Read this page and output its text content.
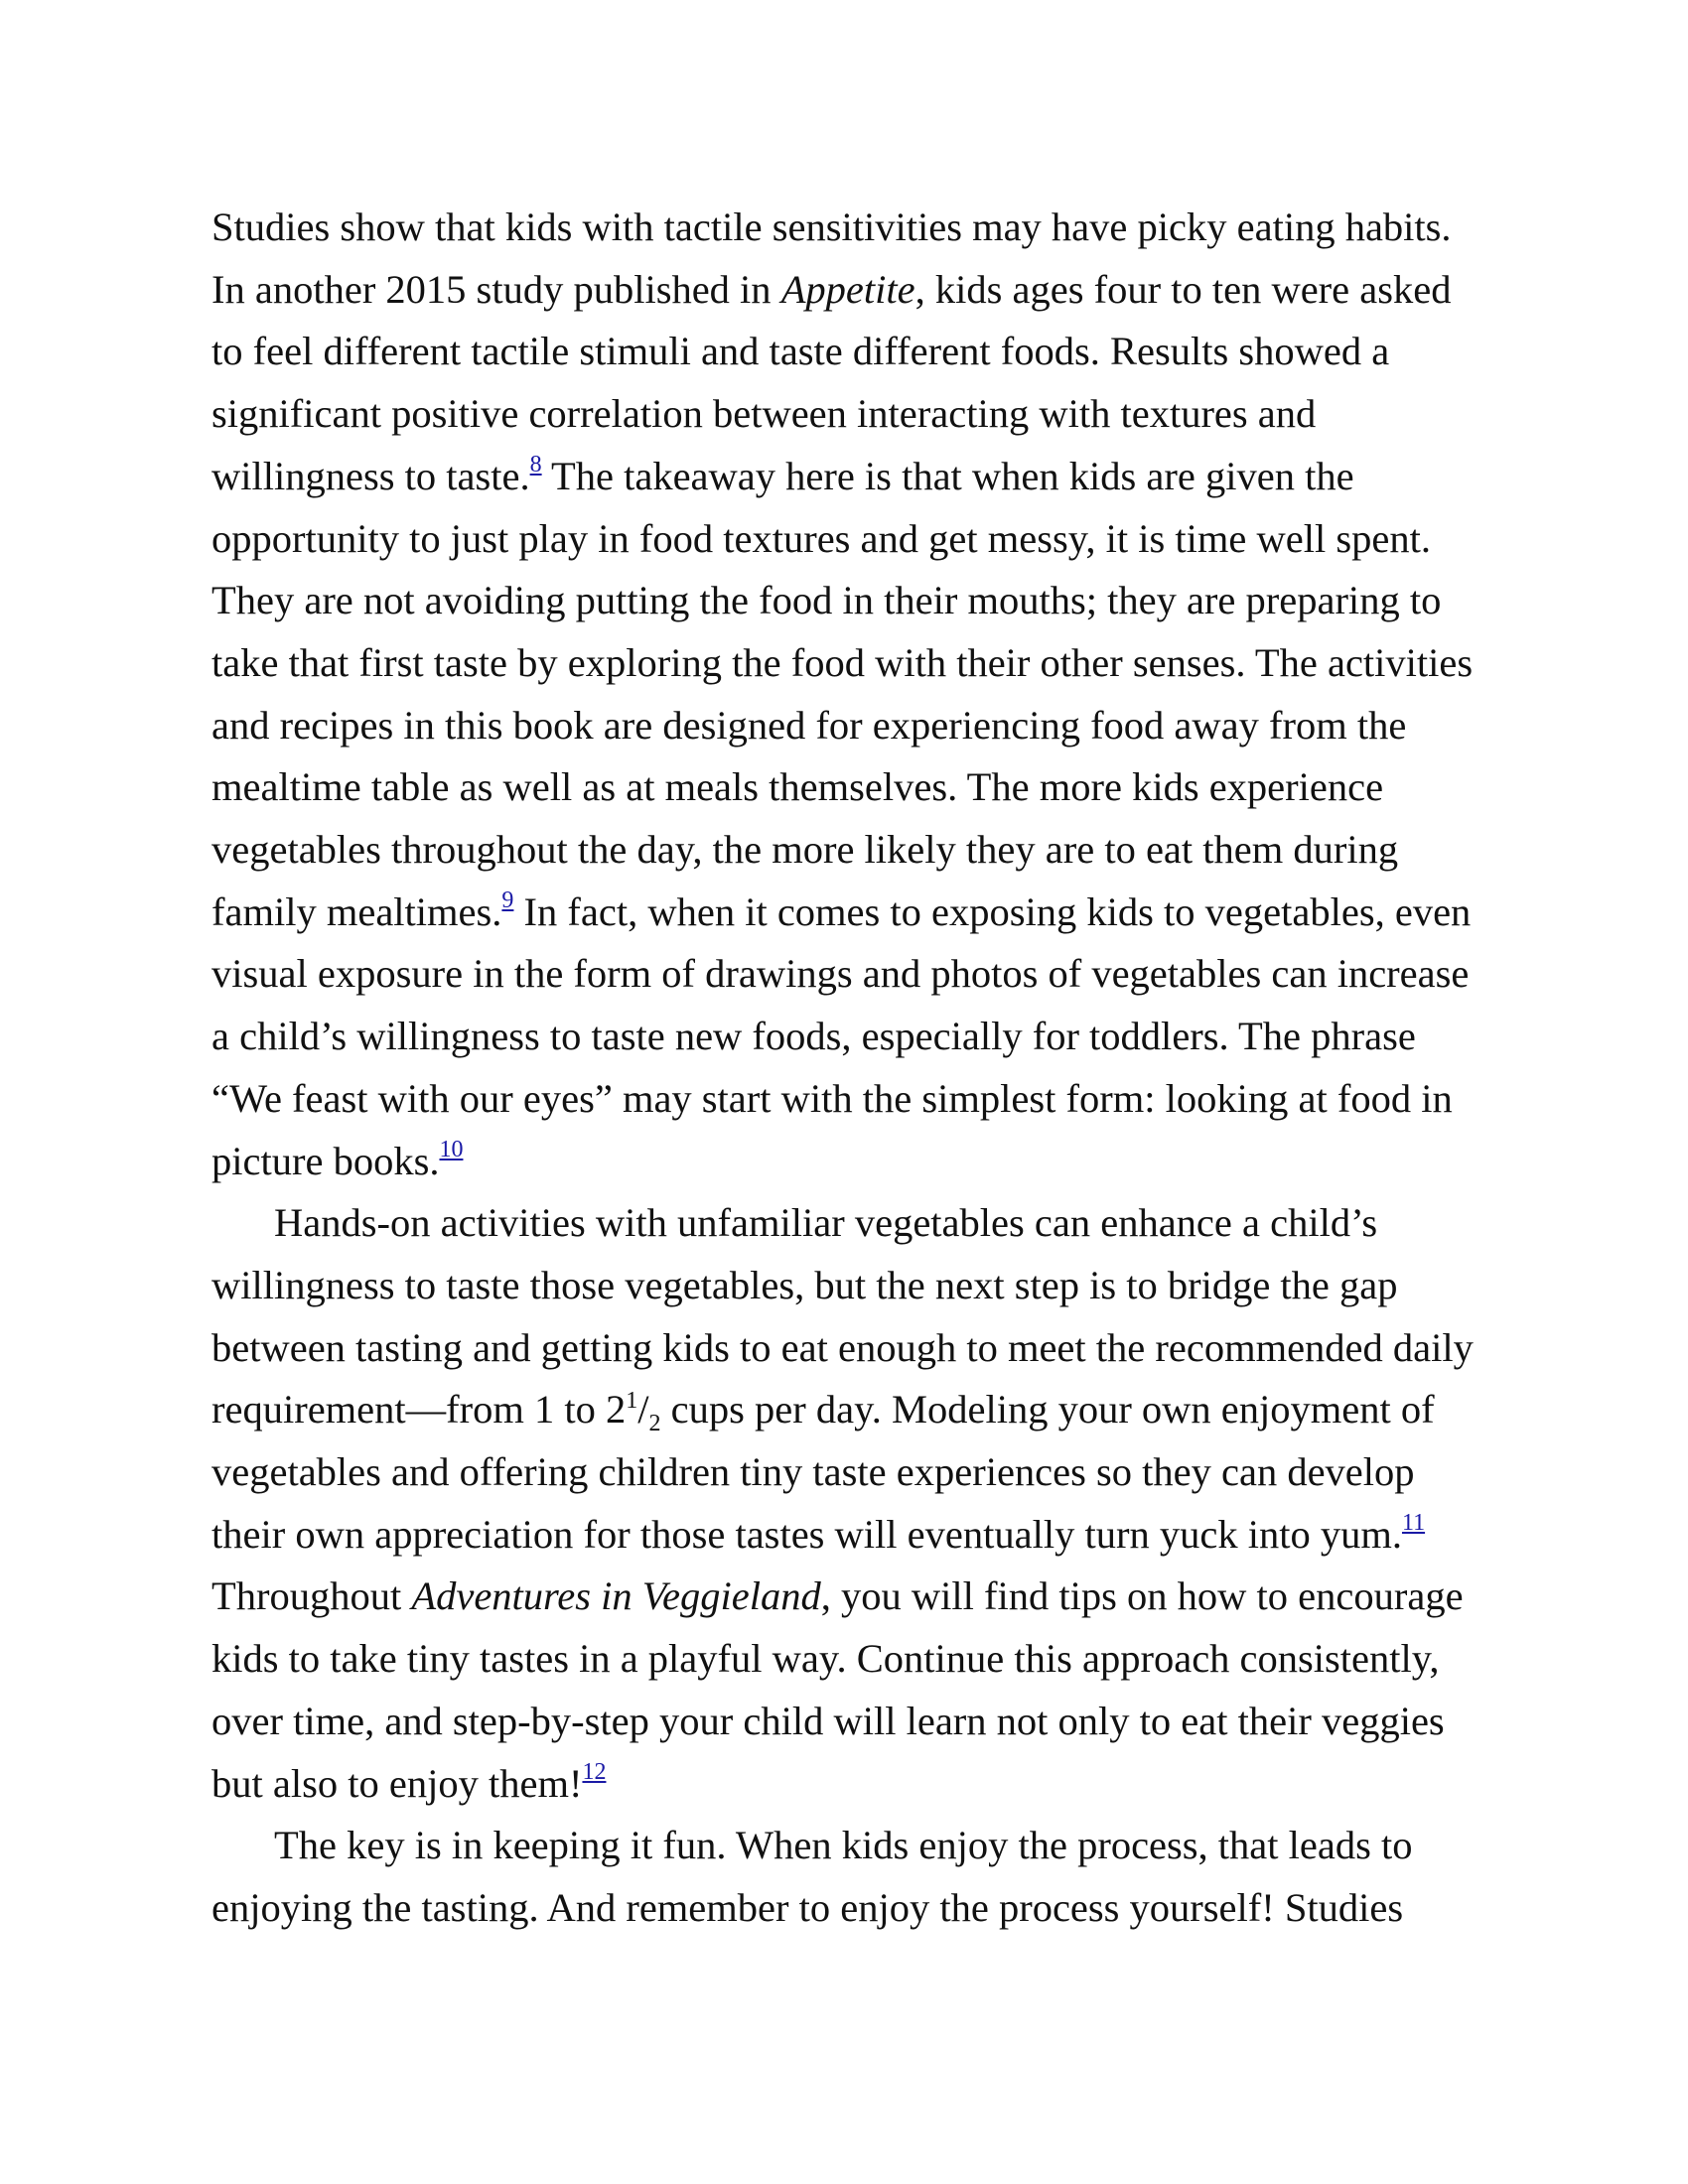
Studies show that kids with tactile sensitivities may have picky eating habits. In another 2015 study published in Appetite, kids ages four to ten were asked to feel different tactile stimuli and taste different foods. Results showed a significant positive correlation between interacting with textures and willingness to taste.$^8$ The takeaway here is that when kids are given the opportunity to just play in food textures and get messy, it is time well spent. They are not avoiding putting the food in their mouths; they are preparing to take that first taste by exploring the food with their other senses. The activities and recipes in this book are designed for experiencing food away from the mealtime table as well as at meals themselves. The more kids experience vegetables throughout the day, the more likely they are to eat them during family mealtimes.$^9$ In fact, when it comes to exposing kids to vegetables, even visual exposure in the form of drawings and photos of vegetables can increase a child’s willingness to taste new foods, especially for toddlers. The phrase “We feast with our eyes” may start with the simplest form: looking at food in picture books.$^{10}$

Hands-on activities with unfamiliar vegetables can enhance a child’s willingness to taste those vegetables, but the next step is to bridge the gap between tasting and getting kids to eat enough to meet the recommended daily requirement—from 1 to $2^1/_2$ cups per day. Modeling your own enjoyment of vegetables and offering children tiny taste experiences so they can develop their own appreciation for those tastes will eventually turn yuck into yum.$^{11}$ Throughout Adventures in Veggieland, you will find tips on how to encourage kids to take tiny tastes in a playful way. Continue this approach consistently, over time, and step-by-step your child will learn not only to eat their veggies but also to enjoy them!$^{12}$

The key is in keeping it fun. When kids enjoy the process, that leads to enjoying the tasting. And remember to enjoy the process yourself! Studies
